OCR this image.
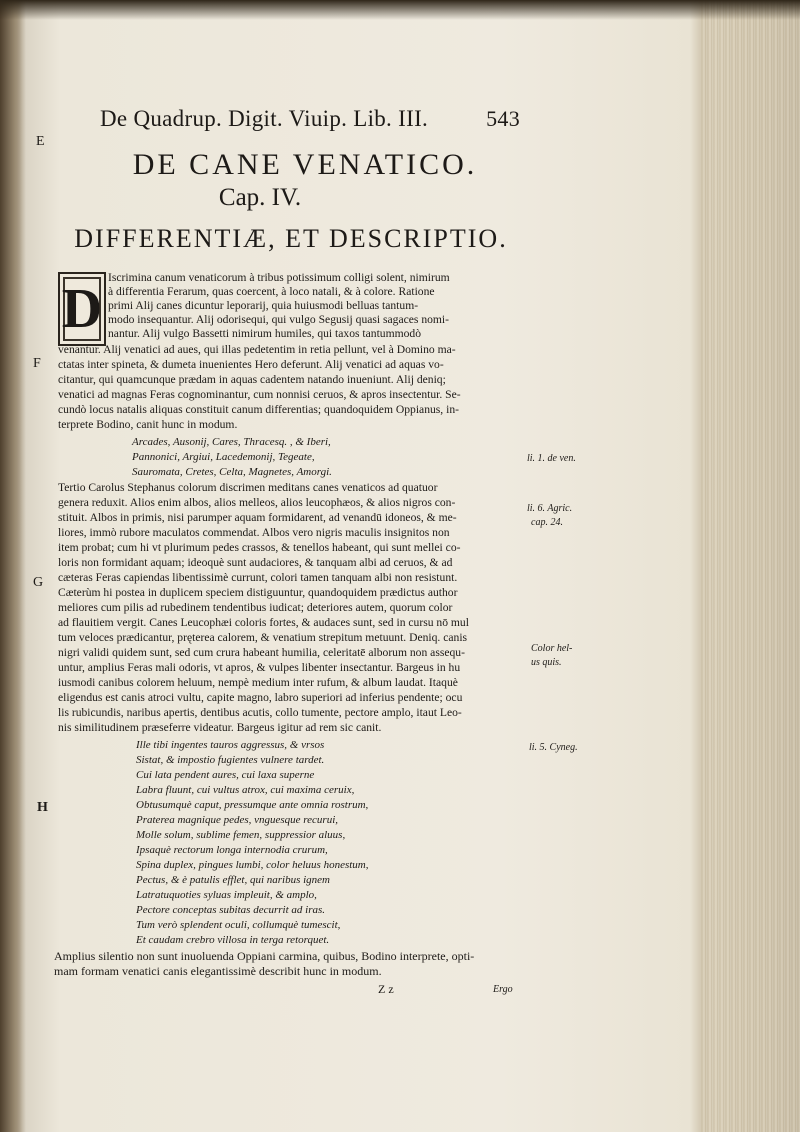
De Quadrup. Digit. Viuip. Lib. III.	543
E
F
G
H
DE CANE VENATICO.
Cap. IV.
DIFFERENTIÆ, ET DESCRIPTIO.
D
Iscrimina canum venaticorum à tribus potissimum colligi solent, nimirum
à differentia Ferarum, quas coercent, à loco natali, & à colore. Ratione
primi Alij canes dicuntur leporarij, quia huiusmodi belluas tantum-
modo insequantur. Alij odorisequi, qui vulgo Segusij quasi sagaces nomi-
nantur. Alij vulgo Bassetti nimirum humiles, qui taxos tantummodò
venantur. Alij venatici ad aues, qui illas pedetentim in retia pellunt, vel à Domino ma-
ctatas inter spineta, & dumeta inuenientes Hero deferunt. Alij venatici ad aquas vo-
citantur, qui quamcunque prædam in aquas cadentem natando inueniunt. Alij deniq;
venatici ad magnas Feras cognominantur, cum nonnisi ceruos, & apros insectentur. Se-
cundò locus natalis aliquas constituit canum differentias; quandoquidem Oppianus, in-
terprete Bodino, canit hunc in modum.
Arcades, Ausonij, Cares, Thracesq. , & Iberi,
Pannonici, Argiui, Lacedemonij, Tegeate,
Sauromata, Cretes, Celta, Magnetes, Amorgi.
Tertio Carolus Stephanus colorum discrimen meditans canes venaticos ad quatuor
genera reduxit. Alios enim albos, alios melleos, alios leucophæos, & alios nigros con-
stituit. Albos in primis, nisi parumper aquam formidarent, ad venandū idoneos, & me-
liores, immò rubore maculatos commendat. Albos vero nigris maculis insignitos non
item probat; cum hi vt plurimum pedes crassos, & tenellos habeant, qui sunt mellei co-
loris non formidant aquam; ideoquè sunt audaciores, & tanquam albi ad ceruos, & ad
cæteras Feras capiendas libentissimè currunt, colori tamen tanquam albi non resistunt.
Cæterùm hi postea in duplicem speciem distiguuntur, quandoquidem prædictus author
meliores cum pilis ad rubedinem tendentibus iudicat; deteriores autem, quorum color
ad flauitiem vergit. Canes Leucophæi coloris fortes, & audaces sunt, sed in cursu nō mul
tum veloces prædicantur, pręterea calorem, & venatium strepitum metuunt. Deniq. canis
nigri validi quidem sunt, sed cum crura habeant humilia, celeritatē alborum non assequ-
untur, amplius Feras mali odoris, vt apros, & vulpes libenter insectantur. Bargeus in hu
iusmodi canibus colorem heluum, nempè medium inter rufum, & album laudat. Itaquè
eligendus est canis atroci vultu, capite magno, labro superiori ad inferius pendente; ocu
lis rubicundis, naribus apertis, dentibus acutis, collo tumente, pectore amplo, itaut Leo-
nis similitudinem præseferre videatur. Bargeus igitur ad rem sic canit.
Ille tibi ingentes tauros aggressus, & vrsos
Sistat, & impostio fugientes vulnere tardet.
Cui lata pendent aures, cui laxa superne
Labra fluunt, cui vultus atrox, cui maxima ceruix,
Obtusumquè caput, pressumque ante omnia rostrum,
Praterea magnique pedes, vnguesque recurui,
Molle solum, sublime femen, suppressior aluus,
Ipsaquè rectorum longa internodia crurum,
Spina duplex, pingues lumbi, color heluus honestum,
Pectus, & è patulis efflet, qui naribus ignem
Latratuquoties syluas impleuit, & amplo,
Pectore conceptas subitas decurrit ad iras.
Tum verò splendent oculi, collumquè tumescit,
Et caudam crebro villosa in terga retorquet.
Amplius silentio non sunt inuoluenda Oppiani carmina, quibus, Bodino interprete, opti-
mam formam venatici canis elegantissimè describit hunc in modum.
li. 1. de ven.
li. 6. Agric.
cap. 24.
Color hel-
us quis.
li. 5. Cyneg.
Z z	Ergo
